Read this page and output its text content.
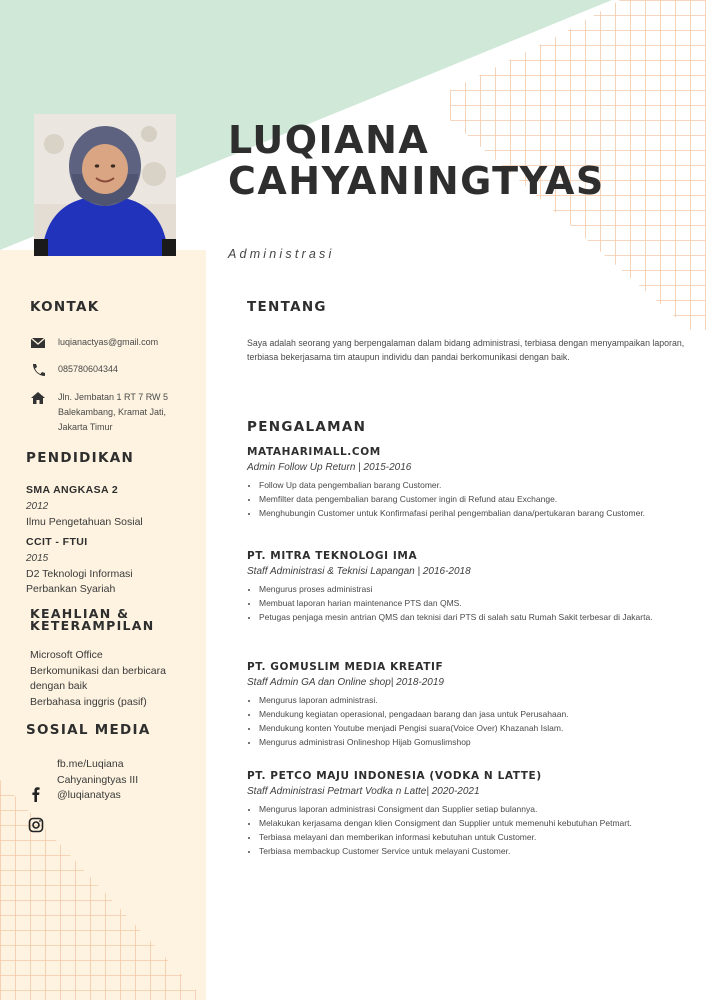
LUQIANA
CAHYANINGTYAS
Administrasi
KONTAK
luqianactyas@gmail.com
085780604344
Jln. Jembatan 1 RT 7 RW 5
Balekambang, Kramat Jati,
Jakarta Timur
PENDIDIKAN
SMA ANGKASA 2
2012
Ilmu Pengetahuan Sosial
CCIT - FTUI
2015
D2 Teknologi Informasi
Perbankan Syariah
KEAHLIAN &
KETERAMPILAN
Microsoft Office
Berkomunikasi dan berbicara
dengan baik
Berbahasa inggris (pasif)
SOSIAL MEDIA
fb.me/Luqiana
Cahyaningtyas III
@luqianatyas
TENTANG
Saya adalah seorang yang berpengalaman dalam bidang administrasi, terbiasa dengan menyampaikan laporan, terbiasa bekerjasama tim ataupun individu dan pandai berkomunikasi dengan baik.
PENGALAMAN
MATAHARIMALL.COM
Admin Follow Up Return | 2015-2016
• Follow Up data pengembalian barang Customer.
• Memfilter data pengembalian barang Customer ingin di Refund atau Exchange.
• Menghubungin Customer untuk Konfirmafasi perihal pengembalian dana/pertukaran barang Customer.
PT. MITRA TEKNOLOGI IMA
Staff Administrasi & Teknisi Lapangan | 2016-2018
• Mengurus proses administrasi
• Membuat laporan harian maintenance PTS dan QMS.
• Petugas penjaga mesin antrian QMS dan teknisi dari PTS di salah satu Rumah Sakit terbesar di Jakarta.
PT. GOMUSLIM MEDIA KREATIF
Staff Admin GA dan Online shop| 2018-2019
• Mengurus laporan administrasi.
• Mendukung kegiatan operasional, pengadaan barang dan jasa untuk Perusahaan.
• Mendukung konten Youtube menjadi Pengisi suara(Voice Over) Khazanah Islam.
• Mengurus administrasi Onlineshop Hijab Gomuslimshop
PT. PETCO MAJU INDONESIA (VODKA N LATTE)
Staff Administrasi Petmart Vodka n Latte| 2020-2021
• Mengurus laporan administrasi Consigment dan Supplier setiap bulannya.
• Melakukan kerjasama dengan klien Consigment dan Supplier untuk memenuhi kebutuhan Petmart.
• Terbiasa melayani dan memberikan informasi kebutuhan untuk Customer.
• Terbiasa membackup Customer Service untuk melayani Customer.
